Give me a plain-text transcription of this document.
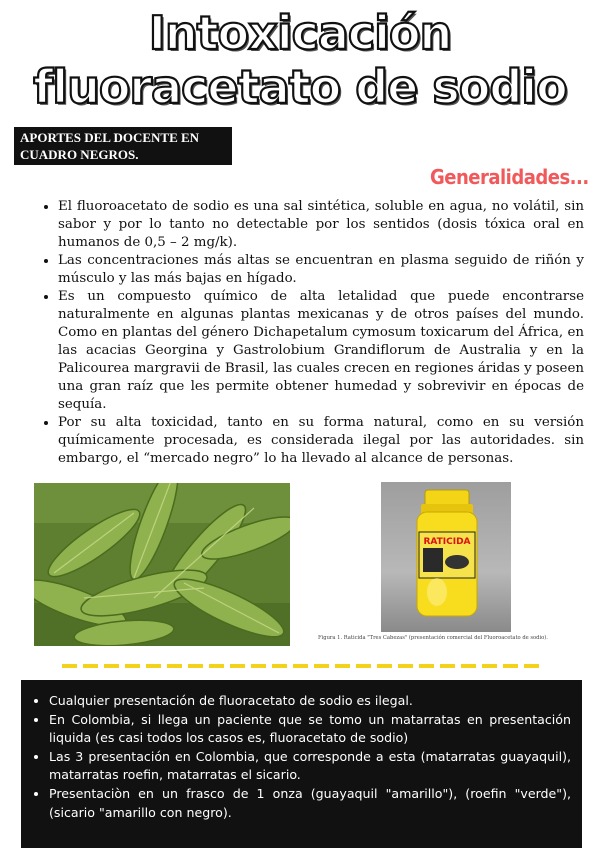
Intoxicación
fluoracetato de sodio
APORTES DEL DOCENTE EN CUADRO NEGROS.
Generalidades...
• El fluoroacetato de sodio es una sal sintética, soluble en agua, no volátil, sin sabor y por lo tanto no detectable por los sentidos (dosis tóxica oral en humanos de 0,5 – 2 mg/k).
• Las concentraciones más altas se encuentran en plasma seguido de riñón y músculo y las más bajas en hígado.
• Es un compuesto químico de alta letalidad que puede encontrarse naturalmente en algunas plantas mexicanas y de otros países del mundo. Como en plantas del género Dichapetalum cymosum toxicarum del África, en las acacias Georgina y Gastrolobium Grandiflorum de Australia y en la Palicourea margravii de Brasil, las cuales crecen en regiones áridas y poseen una gran raíz que les permite obtener humedad y sobrevivir en épocas de sequía.
• Por su alta toxicidad, tanto en su forma natural, como en su versión químicamente procesada, es considerada ilegal por las autoridades. sin embargo, el “mercado negro” lo ha llevado al alcance de personas.
RATICIDA
Figura 1. Raticida "Tres Cabezas" (presentación comercial del Fluoroacetato de sodio).
• Cualquier presentación de fluoracetato de sodio es ilegal.
• En Colombia, si llega un paciente que se tomo un matarratas en presentación liquida (es casi todos los casos es, fluoracetato de sodio)
• Las 3 presentación en Colombia, que corresponde a esta (matarratas guayaquil), matarratas roefin, matarratas el sicario.
• Presentaciòn en un frasco de 1 onza (guayaquil "amarillo"), (roefin "verde"), (sicario "amarillo con negro).
